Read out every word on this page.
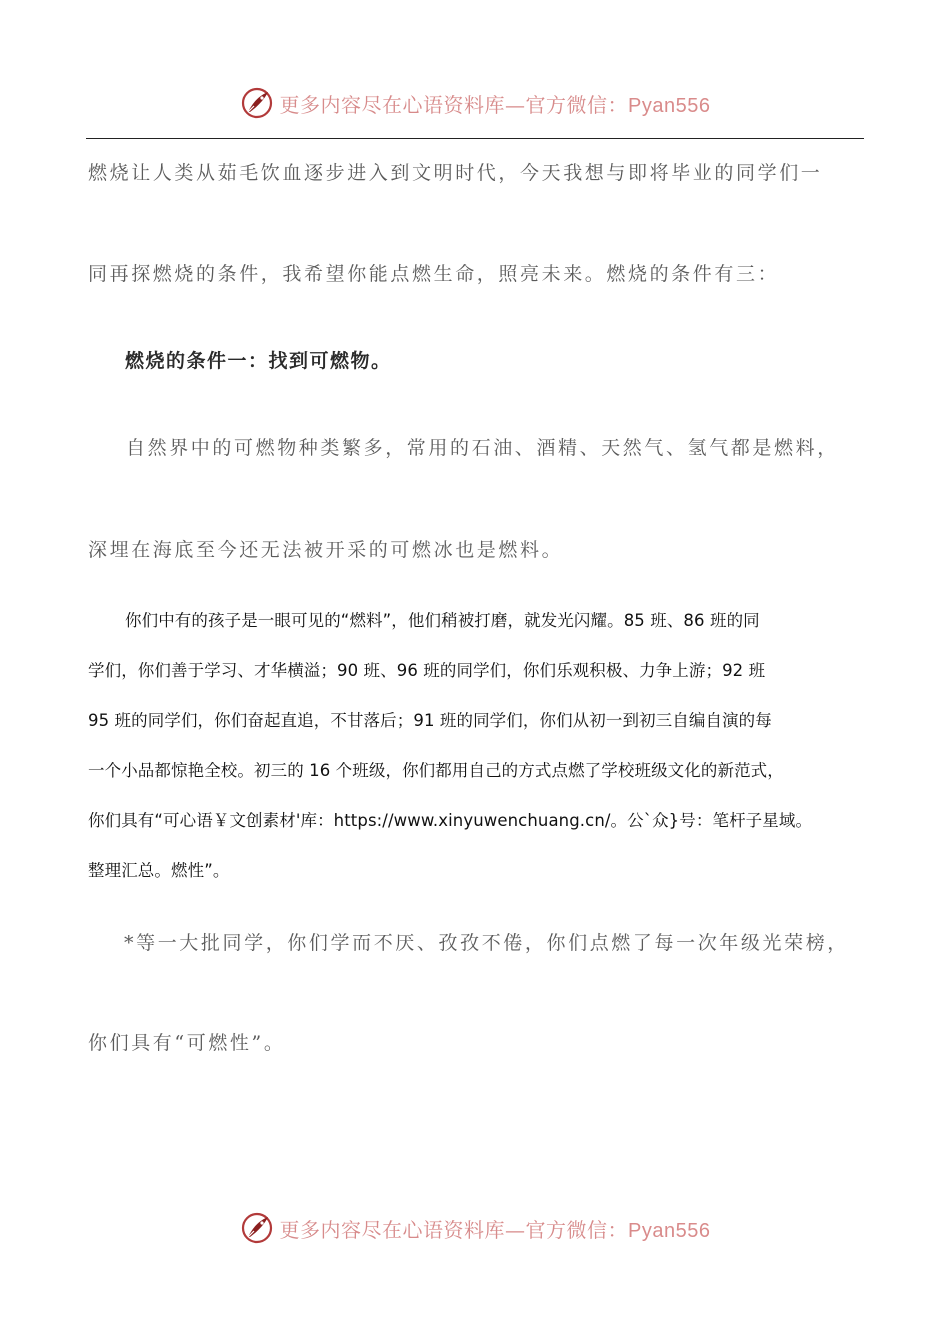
更多内容尽在心语资料库—官方微信：Pyan556

燃烧让人类从茹毛饮血逐步进入到文明时代，今天我想与即将毕业的同学们一

同再探燃烧的条件，我希望你能点燃生命，照亮未来。燃烧的条件有三：

燃烧的条件一：找到可燃物。

自然界中的可燃物种类繁多，常用的石油、酒精、天然气、氢气都是燃料，

深埋在海底至今还无法被开采的可燃冰也是燃料。

你们中有的孩子是一眼可见的“燃料”，他们稍被打磨，就发光闪耀。85 班、86 班的同

学们，你们善于学习、才华横溢；90 班、96 班的同学们，你们乐观积极、力争上游；92 班

95 班的同学们，你们奋起直追，不甘落后；91 班的同学们，你们从初一到初三自编自演的每

一个小品都惊艳全校。初三的 16 个班级，你们都用自己的方式点燃了学校班级文化的新范式，

你们具有“可心语￥文创素材'库：https://www.xinyuwenchuang.cn/。公`众}号：笔杆子星域。

整理汇总。燃性”。

*等一大批同学，你们学而不厌、孜孜不倦，你们点燃了每一次年级光荣榜，

你们具有“可燃性”。

更多内容尽在心语资料库—官方微信：Pyan556
